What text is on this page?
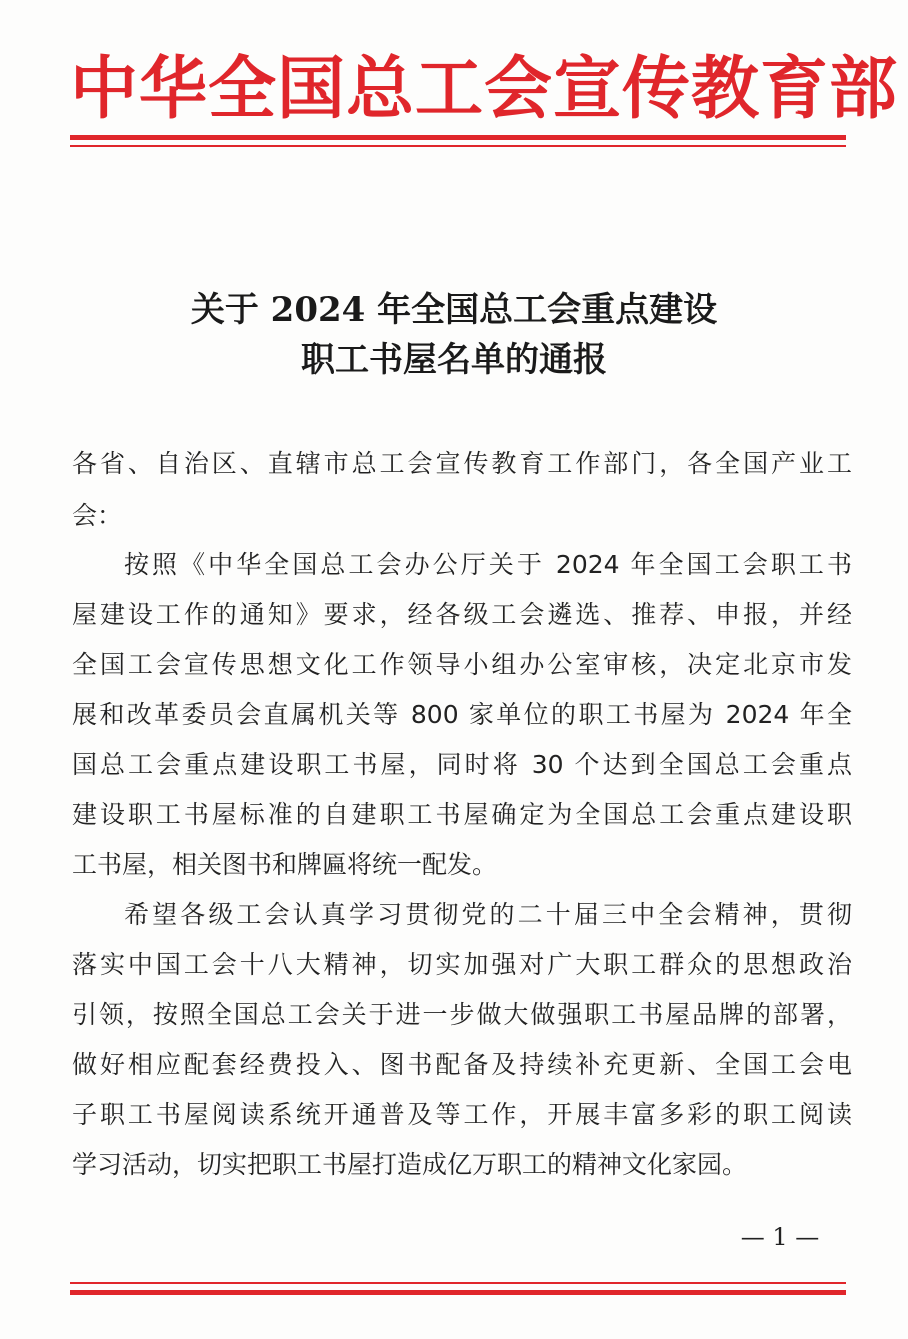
中华全国总工会宣传教育部
关于 2024 年全国总工会重点建设
职工书屋名单的通报
各省、自治区、直辖市总工会宣传教育工作部门，各全国产业工
会：
按照《中华全国总工会办公厅关于 2024 年全国工会职工书
屋建设工作的通知》要求，经各级工会遴选、推荐、申报，并经
全国工会宣传思想文化工作领导小组办公室审核，决定北京市发
展和改革委员会直属机关等 800 家单位的职工书屋为 2024 年全
国总工会重点建设职工书屋，同时将 30 个达到全国总工会重点
建设职工书屋标准的自建职工书屋确定为全国总工会重点建设职
工书屋，相关图书和牌匾将统一配发。
希望各级工会认真学习贯彻党的二十届三中全会精神，贯彻
落实中国工会十八大精神，切实加强对广大职工群众的思想政治
引领，按照全国总工会关于进一步做大做强职工书屋品牌的部署，
做好相应配套经费投入、图书配备及持续补充更新、全国工会电
子职工书屋阅读系统开通普及等工作，开展丰富多彩的职工阅读
学习活动，切实把职工书屋打造成亿万职工的精神文化家园。
— 1 —
